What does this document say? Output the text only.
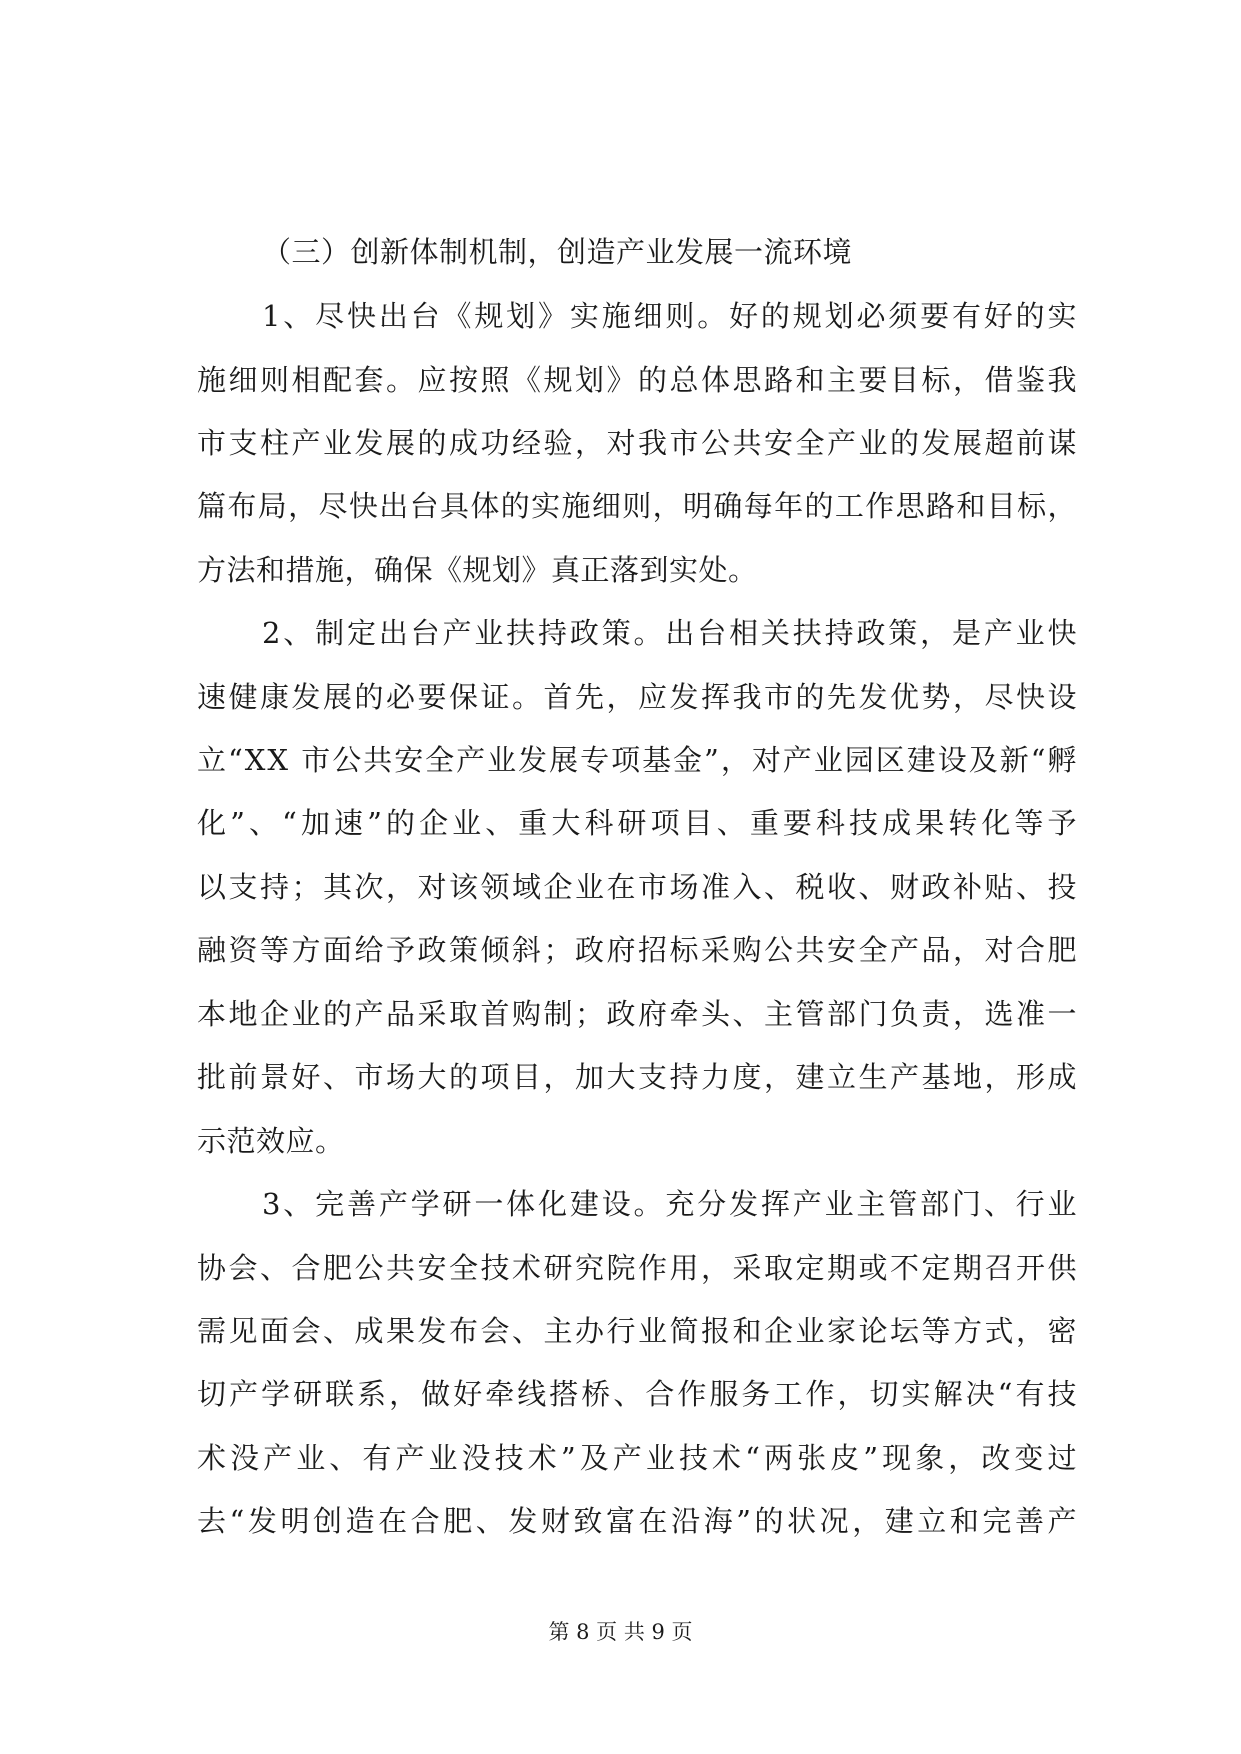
（三）创新体制机制，创造产业发展一流环境
1、尽快出台《规划》实施细则。好的规划必须要有好的实
施细则相配套。应按照《规划》的总体思路和主要目标，借鉴我
市支柱产业发展的成功经验，对我市公共安全产业的发展超前谋
篇布局，尽快出台具体的实施细则，明确每年的工作思路和目标，
方法和措施，确保《规划》真正落到实处。
2、制定出台产业扶持政策。出台相关扶持政策，是产业快
速健康发展的必要保证。首先，应发挥我市的先发优势，尽快设
立“XX 市公共安全产业发展专项基金”，对产业园区建设及新“孵
化”、“加速”的企业、重大科研项目、重要科技成果转化等予
以支持；其次，对该领域企业在市场准入、税收、财政补贴、投
融资等方面给予政策倾斜；政府招标采购公共安全产品，对合肥
本地企业的产品采取首购制；政府牵头、主管部门负责，选准一
批前景好、市场大的项目，加大支持力度，建立生产基地，形成
示范效应。
3、完善产学研一体化建设。充分发挥产业主管部门、行业
协会、合肥公共安全技术研究院作用，采取定期或不定期召开供
需见面会、成果发布会、主办行业简报和企业家论坛等方式，密
切产学研联系，做好牵线搭桥、合作服务工作，切实解决“有技
术没产业、有产业没技术”及产业技术“两张皮”现象，改变过
去“发明创造在合肥、发财致富在沿海”的状况，建立和完善产
第 8 页 共 9 页
